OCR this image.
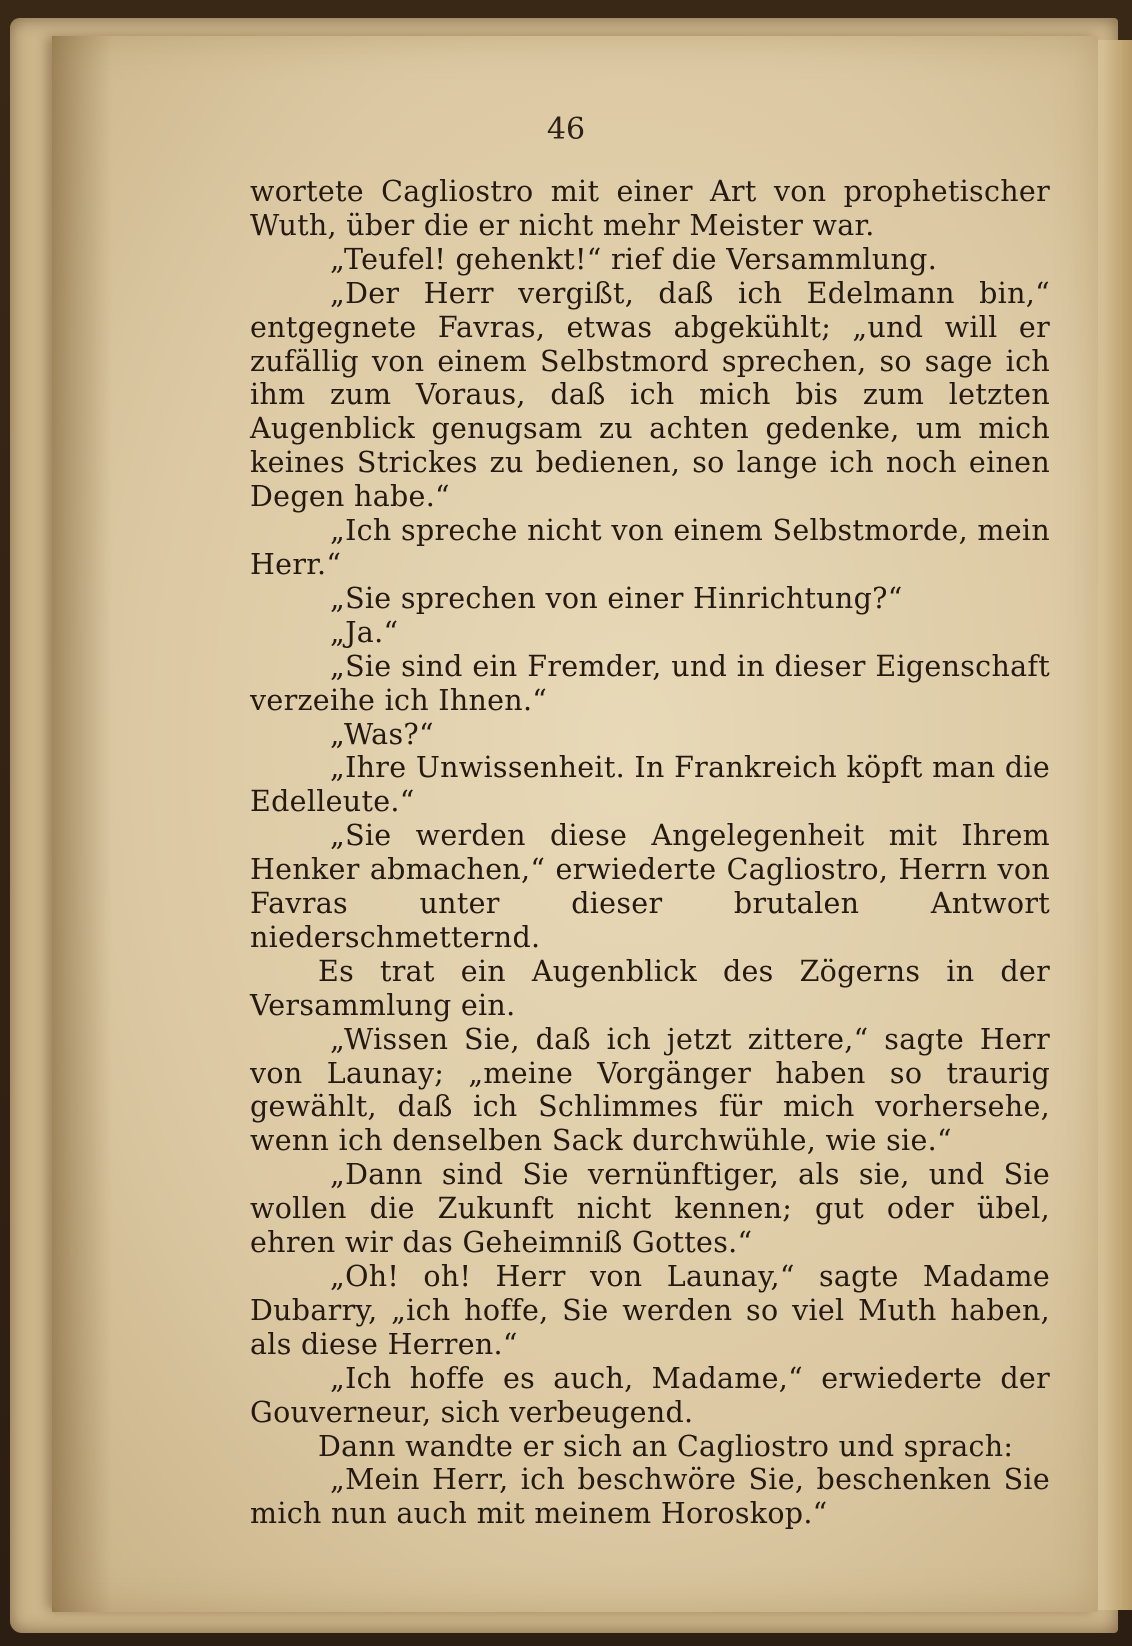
46

wortete Cagliostro mit einer Art von prophetischer Wuth, über die er nicht mehr Meister war.

„Teufel! gehenkt!“ rief die Versammlung.

„Der Herr vergißt, daß ich Edelmann bin,“ entgegnete Favras, etwas abgekühlt; „und will er zufällig von einem Selbstmord sprechen, so sage ich ihm zum Voraus, daß ich mich bis zum letzten Augenblick genugsam zu achten gedenke, um mich keines Strickes zu bedienen, so lange ich noch einen Degen habe.“

„Ich spreche nicht von einem Selbstmorde, mein Herr.“

„Sie sprechen von einer Hinrichtung?“

„Ja.“

„Sie sind ein Fremder, und in dieser Eigenschaft verzeihe ich Ihnen.“

„Was?“

„Ihre Unwissenheit. In Frankreich köpft man die Edelleute.“

„Sie werden diese Angelegenheit mit Ihrem Henker abmachen,“ erwiederte Cagliostro, Herrn von Favras unter dieser brutalen Antwort niederschmetternd.

Es trat ein Augenblick des Zögerns in der Versammlung ein.

„Wissen Sie, daß ich jetzt zittere,“ sagte Herr von Launay; „meine Vorgänger haben so traurig gewählt, daß ich Schlimmes für mich vorhersehe, wenn ich denselben Sack durchwühle, wie sie.“

„Dann sind Sie vernünftiger, als sie, und Sie wollen die Zukunft nicht kennen; gut oder übel, ehren wir das Geheimniß Gottes.“

„Oh! oh! Herr von Launay,“ sagte Madame Dubarry, „ich hoffe, Sie werden so viel Muth haben, als diese Herren.“

„Ich hoffe es auch, Madame,“ erwiederte der Gouverneur, sich verbeugend.

Dann wandte er sich an Cagliostro und sprach:

„Mein Herr, ich beschwöre Sie, beschenken Sie mich nun auch mit meinem Horoskop.“
